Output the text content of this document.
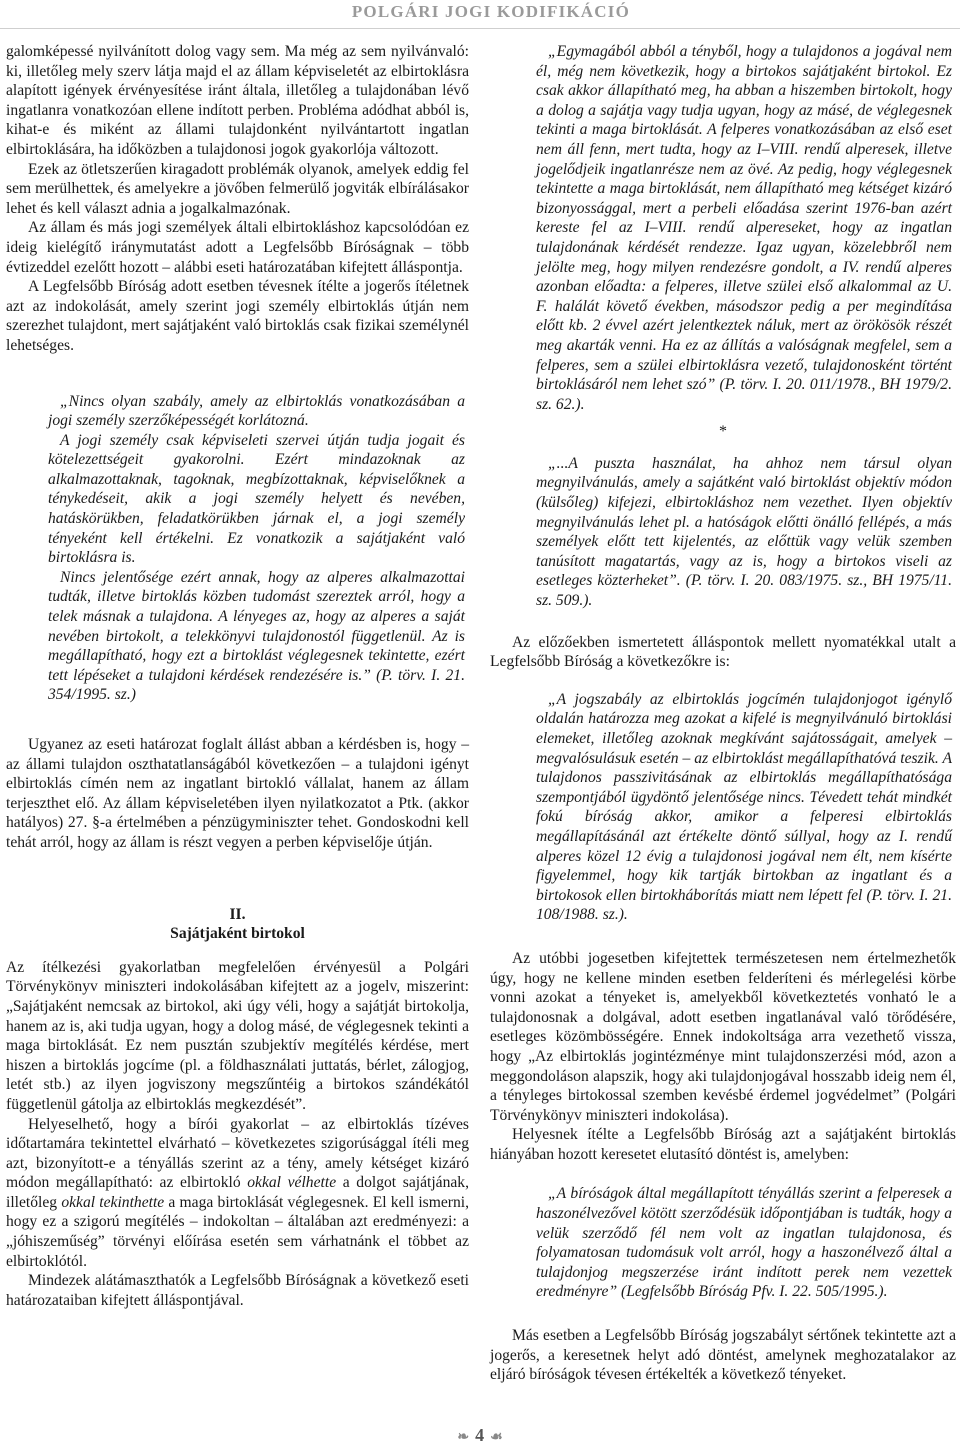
POLGÁRI JOGI KODIFIKÁCIÓ

galomképessé nyilvánított dolog vagy sem. Ma még az sem nyilvánvaló: ki, illetőleg mely szerv látja majd el az állam képviseletét az elbirtoklásra alapított igények érvényesítése iránt általa, illetőleg a tulajdonában lévő ingatlanra vonatkozóan ellene indított perben. Probléma adódhat abból is, kihat-e és miként az állami tulajdonként nyilvántartott ingatlan elbirtoklására, ha időközben a tulajdonosi jogok gyakorlója változott.

Ezek az ötletszerűen kiragadott problémák olyanok, amelyek eddig fel sem merülhettek, és amelyekre a jövőben felmerülő jogviták elbírálásakor lehet és kell választ adnia a jogalkalmazónak.

Az állam és más jogi személyek általi elbirtokláshoz kapcsolódóan ez ideig kielégítő iránymutatást adott a Legfelsőbb Bíróságnak – több évtizeddel ezelőtt hozott – alábbi eseti határozatában kifejtett álláspontja.

A Legfelsőbb Bíróság adott esetben tévesnek ítélte a jogerős ítéletnek azt az indokolását, amely szerint jogi személy elbirtoklás útján nem szerezhet tulajdont, mert sajátjaként való birtoklás csak fizikai személynél lehetséges.

„Nincs olyan szabály, amely az elbirtoklás vonatkozásában a jogi személy szerzőképességét korlátozná.

A jogi személy csak képviseleti szervei útján tudja jogait és kötelezettségeit gyakorolni. Ezért mindazoknak az alkalmazottaknak, tagoknak, megbízottaknak, képviselőknek a ténykedéseit, akik a jogi személy helyett és nevében, hatáskörükben, feladatkörükben járnak el, a jogi személy tényeként kell értékelni. Ez vonatkozik a sajátjaként való birtoklásra is.

Nincs jelentősége ezért annak, hogy az alperes alkalmazottai tudták, illetve birtoklás közben tudomást szereztek arról, hogy a telek másnak a tulajdona. A lényeges az, hogy az alperes a saját nevében birtokolt, a telekkönyvi tulajdonostól függetlenül. Az is megállapítható, hogy ezt a birtoklást véglegesnek tekintette, ezért tett lépéseket a tulajdoni kérdések rendezésére is.” (P. törv. I. 21. 354/1995. sz.)

Ugyanez az eseti határozat foglalt állást abban a kérdésben is, hogy – az állami tulajdon oszthatatlanságából következően – a tulajdoni igényt elbirtoklás címén nem az ingatlant birtokló vállalat, hanem az állam terjeszthet elő. Az állam képviseletében ilyen nyilatkozatot a Ptk. (akkor hatályos) 27. §-a értelmében a pénzügyminiszter tehet. Gondoskodni kell tehát arról, hogy az állam is részt vegyen a perben képviselője útján.

II.
Sajátjaként birtokol

Az ítélkezési gyakorlatban megfelelően érvényesül a Polgári Törvénykönyv miniszteri indokolásában kifejtett az a jogelv, miszerint: „Sajátjaként nemcsak az birtokol, aki úgy véli, hogy a sajátját birtokolja, hanem az is, aki tudja ugyan, hogy a dolog másé, de véglegesnek tekinti a maga birtoklását. Ez nem pusztán szubjektív megítélés kérdése, mert hiszen a birtoklás jogcíme (pl. a földhasználati juttatás, bérlet, zálogjog, letét stb.) az ilyen jogviszony megszűntéig a birtokos szándékától függetlenül gátolja az elbirtoklás megkezdését”.

Helyeselhető, hogy a bírói gyakorlat – az elbirtoklás tízéves időtartamára tekintettel elvárható – következetes szigorúsággal ítéli meg azt, bizonyított-e a tényállás szerint az a tény, amely kétséget kizáró módon megállapítható: az elbirtokló okkal vélhette a dolgot sajátjának, illetőleg okkal tekinthette a maga birtoklását véglegesnek. El kell ismerni, hogy ez a szigorú megítélés – indokoltan – általában azt eredményezi: a „jóhiszeműség” törvényi előírása esetén sem várhatnánk el többet az elbirtoklótól.

Mindezek alátámaszthatók a Legfelsőbb Bíróságnak a következő eseti határozataiban kifejtett álláspontjával.

„Egymagából abból a tényből, hogy a tulajdonos a jogával nem él, még nem következik, hogy a birtokos sajátjaként birtokol. Ez csak akkor állapítható meg, ha abban a hiszemben birtokolt, hogy a dolog a sajátja vagy tudja ugyan, hogy az másé, de véglegesnek tekinti a maga birtoklását. A felperes vonatkozásában az első eset nem áll fenn, mert tudta, hogy az I–VIII. rendű alperesek, illetve jogelődjeik ingatlanrésze nem az övé. Az pedig, hogy véglegesnek tekintette a maga birtoklását, nem állapítható meg kétséget kizáró bizonyossággal, mert a perbeli előadása szerint 1976-ban azért kereste fel az I–VIII. rendű alpereseket, hogy az ingatlan tulajdonának kérdését rendezze. Igaz ugyan, közelebbről nem jelölte meg, hogy milyen rendezésre gondolt, a IV. rendű alperes azonban előadta: a felperes, illetve szülei első alkalommal az U. F. halálát követő években, másodszor pedig a per megindítása előtt kb. 2 évvel azért jelentkeztek náluk, mert az örökösök részét meg akarták venni. Ha ez az állítás a valóságnak megfelel, sem a felperes, sem a szülei elbirtoklásra vezető, tulajdonosként történt birtoklásáról nem lehet szó” (P. törv. I. 20. 011/1978., BH 1979/2. sz. 62.).

*

„...A puszta használat, ha ahhoz nem társul olyan megnyilvánulás, amely a sajátként való birtoklást objektív módon (külsőleg) kifejezi, elbirtokláshoz nem vezethet. Ilyen objektív megnyilvánulás lehet pl. a hatóságok előtti önálló fellépés, a más személyek előtt tett kijelentés, az előttük vagy velük szemben tanúsított magatartás, vagy az is, hogy a birtokos viseli az esetleges közterheket”. (P. törv. I. 20. 083/1975. sz., BH 1975/11. sz. 509.).

Az előzőekben ismertetett álláspontok mellett nyomatékkal utalt a Legfelsőbb Bíróság a következőkre is:

„A jogszabály az elbirtoklás jogcímén tulajdonjogot igénylő oldalán határozza meg azokat a kifelé is megnyilvánuló birtoklási elemeket, illetőleg azoknak megkívánt sajátosságait, amelyek – megvalósulásuk esetén – az elbirtoklást megállapíthatóvá teszik. A tulajdonos passzivitásának az elbirtoklás megállapíthatósága szempontjából ügydöntő jelentősége nincs. Tévedett tehát mindkét fokú bíróság akkor, amikor a felperesi elbirtoklás megállapításánál azt értékelte döntő súllyal, hogy az I. rendű alperes közel 12 évig a tulajdonosi jogával nem élt, nem kísérte figyelemmel, hogy kik tartják birtokban az ingatlant és a birtokosok ellen birtokháborítás miatt nem lépett fel (P. törv. I. 21. 108/1988. sz.).

Az utóbbi jogesetben kifejtettek természetesen nem értelmezhetők úgy, hogy ne kellene minden esetben felderíteni és mérlegelési körbe vonni azokat a tényeket is, amelyekből következtetés vonható le a tulajdonosnak a dolgával, adott esetben ingatlanával való törődésére, esetleges közömbösségére. Ennek indokoltsága arra vezethető vissza, hogy „Az elbirtoklás jogintézménye mint tulajdonszerzési mód, azon a meggondoláson alapszik, hogy aki tulajdonjogával hosszabb ideig nem él, a tényleges birtokossal szemben kevésbé érdemel jogvédelmet” (Polgári Törvénykönyv miniszteri indokolása).

Helyesnek ítélte a Legfelsőbb Bíróság azt a sajátjaként birtoklás hiányában hozott keresetet elutasító döntést is, amelyben:

„A bíróságok által megállapított tényállás szerint a felperesek a haszonélvezővel kötött szerződésük időpontjában is tudták, hogy a velük szerződő fél nem volt az ingatlan tulajdonosa, és folyamatosan tudomásuk volt arról, hogy a haszonélvező által a tulajdonjog megszerzése iránt indított perek nem vezettek eredményre” (Legfelsőbb Bíróság Pfv. I. 22. 505/1995.).

Más esetben a Legfelsőbb Bíróság jogszabályt sértőnek tekintette azt a jogerős, a keresetnek helyt adó döntést, amelynek meghozatalakor az eljáró bíróságok tévesen értékelték a következő tényeket.

❧ 4 ☙
